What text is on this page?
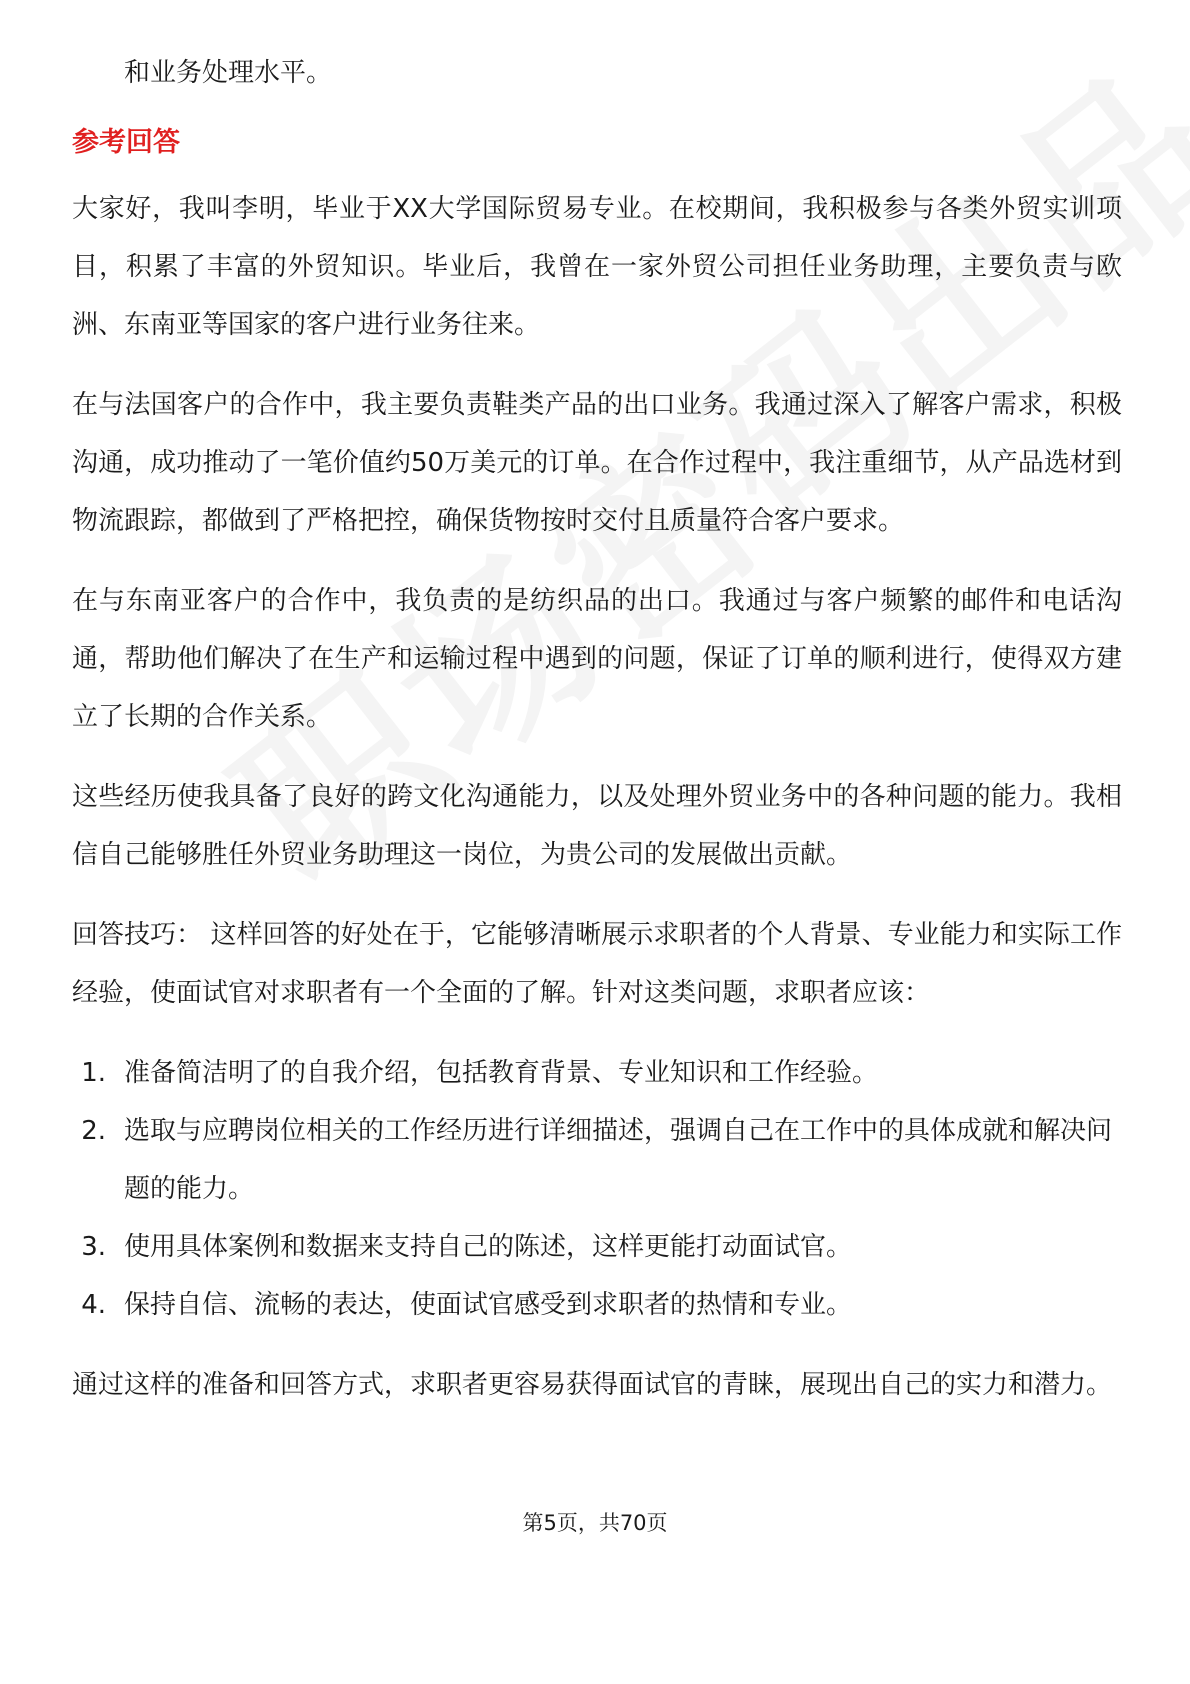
和业务处理水平。

参考回答

大家好，我叫李明，毕业于XX大学国际贸易专业。在校期间，我积极参与各类外贸实训项目，积累了丰富的外贸知识。毕业后，我曾在一家外贸公司担任业务助理，主要负责与欧洲、东南亚等国家的客户进行业务往来。

在与法国客户的合作中，我主要负责鞋类产品的出口业务。我通过深入了解客户需求，积极沟通，成功推动了一笔价值约50万美元的订单。在合作过程中，我注重细节，从产品选材到物流跟踪，都做到了严格把控，确保货物按时交付且质量符合客户要求。

在与东南亚客户的合作中，我负责的是纺织品的出口。我通过与客户频繁的邮件和电话沟通，帮助他们解决了在生产和运输过程中遇到的问题，保证了订单的顺利进行，使得双方建立了长期的合作关系。

这些经历使我具备了良好的跨文化沟通能力，以及处理外贸业务中的各种问题的能力。我相信自己能够胜任外贸业务助理这一岗位，为贵公司的发展做出贡献。

回答技巧： 这样回答的好处在于，它能够清晰展示求职者的个人背景、专业能力和实际工作经验，使面试官对求职者有一个全面的了解。针对这类问题，求职者应该：

1. 准备简洁明了的自我介绍，包括教育背景、专业知识和工作经验。
2. 选取与应聘岗位相关的工作经历进行详细描述，强调自己在工作中的具体成就和解决问题的能力。
3. 使用具体案例和数据来支持自己的陈述，这样更能打动面试官。
4. 保持自信、流畅的表达，使面试官感受到求职者的热情和专业。

通过这样的准备和回答方式，求职者更容易获得面试官的青睐，展现出自己的实力和潜力。

第5页，共70页
